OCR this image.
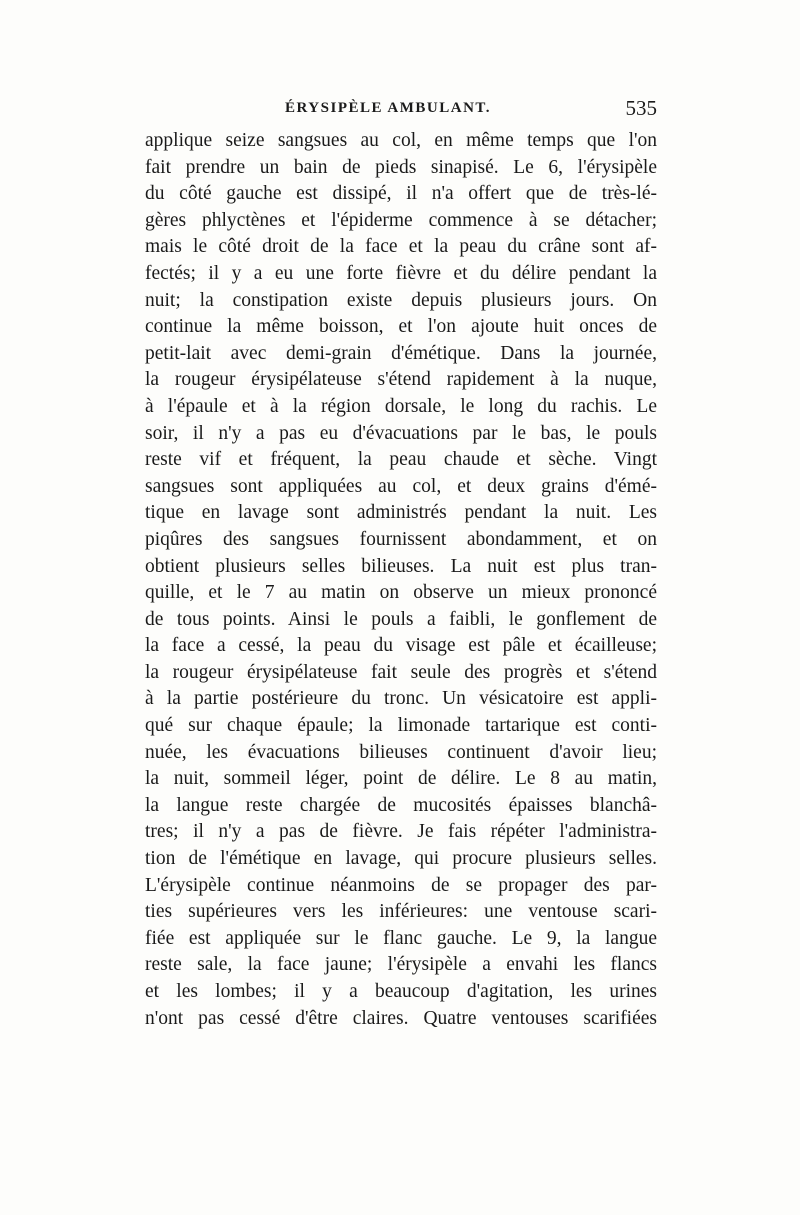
ÉRYSIPÈLE AMBULANT.	535
applique seize sangsues au col, en même temps que l'on
fait prendre un bain de pieds sinapisé. Le 6, l'érysipèle
du côté gauche est dissipé, il n'a offert que de très-lé-
gères phlyctènes et l'épiderme commence à se détacher;
mais le côté droit de la face et la peau du crâne sont af-
fectés; il y a eu une forte fièvre et du délire pendant la
nuit; la constipation existe depuis plusieurs jours. On
continue la même boisson, et l'on ajoute huit onces de
petit-lait avec demi-grain d'émétique. Dans la journée,
la rougeur érysipélateuse s'étend rapidement à la nuque,
à l'épaule et à la région dorsale, le long du rachis. Le
soir, il n'y a pas eu d'évacuations par le bas, le pouls
reste vif et fréquent, la peau chaude et sèche. Vingt
sangsues sont appliquées au col, et deux grains d'émé-
tique en lavage sont administrés pendant la nuit. Les
piqûres des sangsues fournissent abondamment, et on
obtient plusieurs selles bilieuses. La nuit est plus tran-
quille, et le 7 au matin on observe un mieux prononcé
de tous points. Ainsi le pouls a faibli, le gonflement de
la face a cessé, la peau du visage est pâle et écailleuse;
la rougeur érysipélateuse fait seule des progrès et s'étend
à la partie postérieure du tronc. Un vésicatoire est appli-
qué sur chaque épaule; la limonade tartarique est conti-
nuée, les évacuations bilieuses continuent d'avoir lieu;
la nuit, sommeil léger, point de délire. Le 8 au matin,
la langue reste chargée de mucosités épaisses blanchâ-
tres; il n'y a pas de fièvre. Je fais répéter l'administra-
tion de l'émétique en lavage, qui procure plusieurs selles.
L'érysipèle continue néanmoins de se propager des par-
ties supérieures vers les inférieures: une ventouse scari-
fiée est appliquée sur le flanc gauche. Le 9, la langue
reste sale, la face jaune; l'érysipèle a envahi les flancs
et les lombes; il y a beaucoup d'agitation, les urines
n'ont pas cessé d'être claires. Quatre ventouses scarifiées
